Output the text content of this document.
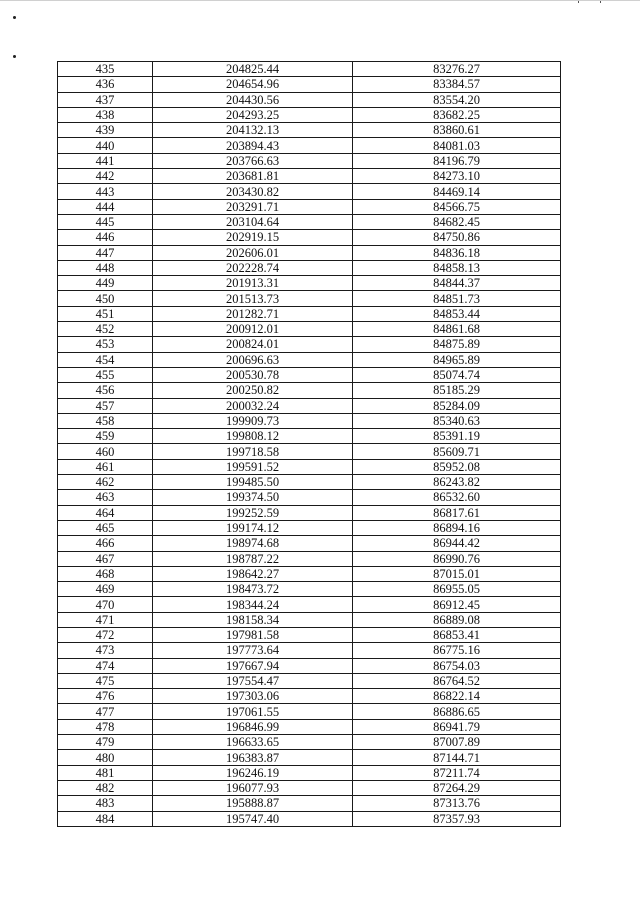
435	204825.44	83276.27
436	204654.96	83384.57
437	204430.56	83554.20
438	204293.25	83682.25
439	204132.13	83860.61
440	203894.43	84081.03
441	203766.63	84196.79
442	203681.81	84273.10
443	203430.82	84469.14
444	203291.71	84566.75
445	203104.64	84682.45
446	202919.15	84750.86
447	202606.01	84836.18
448	202228.74	84858.13
449	201913.31	84844.37
450	201513.73	84851.73
451	201282.71	84853.44
452	200912.01	84861.68
453	200824.01	84875.89
454	200696.63	84965.89
455	200530.78	85074.74
456	200250.82	85185.29
457	200032.24	85284.09
458	199909.73	85340.63
459	199808.12	85391.19
460	199718.58	85609.71
461	199591.52	85952.08
462	199485.50	86243.82
463	199374.50	86532.60
464	199252.59	86817.61
465	199174.12	86894.16
466	198974.68	86944.42
467	198787.22	86990.76
468	198642.27	87015.01
469	198473.72	86955.05
470	198344.24	86912.45
471	198158.34	86889.08
472	197981.58	86853.41
473	197773.64	86775.16
474	197667.94	86754.03
475	197554.47	86764.52
476	197303.06	86822.14
477	197061.55	86886.65
478	196846.99	86941.79
479	196633.65	87007.89
480	196383.87	87144.71
481	196246.19	87211.74
482	196077.93	87264.29
483	195888.87	87313.76
484	195747.40	87357.93
